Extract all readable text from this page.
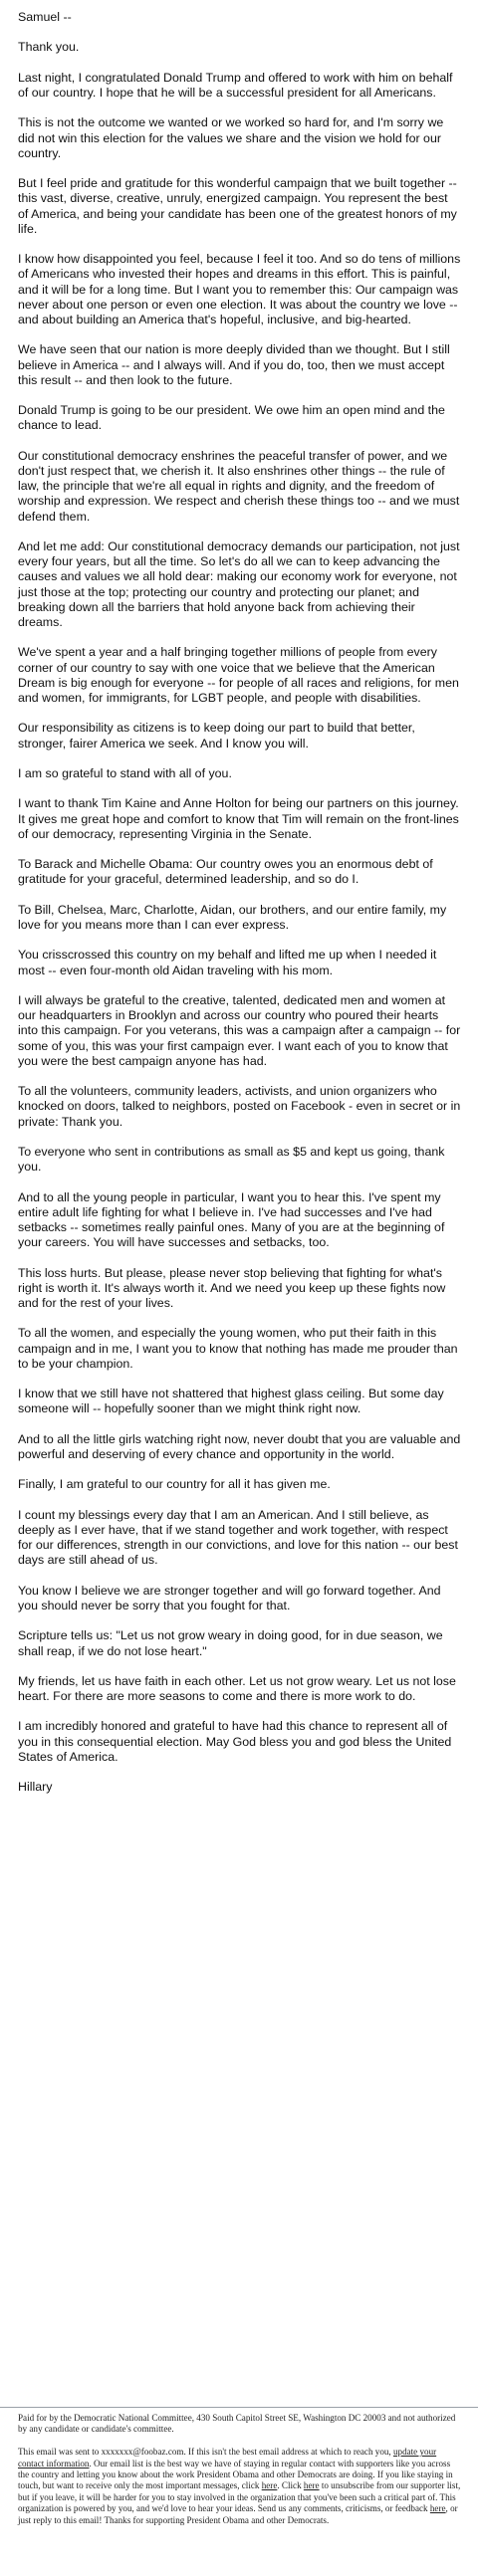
Samuel --

Thank you.

Last night, I congratulated Donald Trump and offered to work with him on behalf of our country. I hope that he will be a successful president for all Americans.

This is not the outcome we wanted or we worked so hard for, and I'm sorry we did not win this election for the values we share and the vision we hold for our country.

But I feel pride and gratitude for this wonderful campaign that we built together -- this vast, diverse, creative, unruly, energized campaign. You represent the best of America, and being your candidate has been one of the greatest honors of my life.

I know how disappointed you feel, because I feel it too. And so do tens of millions of Americans who invested their hopes and dreams in this effort. This is painful, and it will be for a long time. But I want you to remember this: Our campaign was never about one person or even one election. It was about the country we love -- and about building an America that's hopeful, inclusive, and big-hearted.

We have seen that our nation is more deeply divided than we thought. But I still believe in America -- and I always will. And if you do, too, then we must accept this result -- and then look to the future.

Donald Trump is going to be our president. We owe him an open mind and the chance to lead.

Our constitutional democracy enshrines the peaceful transfer of power, and we don't just respect that, we cherish it. It also enshrines other things -- the rule of law, the principle that we're all equal in rights and dignity, and the freedom of worship and expression. We respect and cherish these things too -- and we must defend them.

And let me add: Our constitutional democracy demands our participation, not just every four years, but all the time. So let's do all we can to keep advancing the causes and values we all hold dear: making our economy work for everyone, not just those at the top; protecting our country and protecting our planet; and breaking down all the barriers that hold anyone back from achieving their dreams.

We've spent a year and a half bringing together millions of people from every corner of our country to say with one voice that we believe that the American Dream is big enough for everyone -- for people of all races and religions, for men and women, for immigrants, for LGBT people, and people with disabilities.

Our responsibility as citizens is to keep doing our part to build that better, stronger, fairer America we seek. And I know you will.

I am so grateful to stand with all of you.

I want to thank Tim Kaine and Anne Holton for being our partners on this journey. It gives me great hope and comfort to know that Tim will remain on the front-lines of our democracy, representing Virginia in the Senate.

To Barack and Michelle Obama: Our country owes you an enormous debt of gratitude for your graceful, determined leadership, and so do I.

To Bill, Chelsea, Marc, Charlotte, Aidan, our brothers, and our entire family, my love for you means more than I can ever express.

You crisscrossed this country on my behalf and lifted me up when I needed it most -- even four-month old Aidan traveling with his mom.

I will always be grateful to the creative, talented, dedicated men and women at our headquarters in Brooklyn and across our country who poured their hearts into this campaign. For you veterans, this was a campaign after a campaign -- for some of you, this was your first campaign ever. I want each of you to know that you were the best campaign anyone has had.

To all the volunteers, community leaders, activists, and union organizers who knocked on doors, talked to neighbors, posted on Facebook - even in secret or in private: Thank you.

To everyone who sent in contributions as small as $5 and kept us going, thank you.

And to all the young people in particular, I want you to hear this. I've spent my entire adult life fighting for what I believe in. I've had successes and I've had setbacks -- sometimes really painful ones. Many of you are at the beginning of your careers. You will have successes and setbacks, too.

This loss hurts. But please, please never stop believing that fighting for what's right is worth it. It's always worth it. And we need you keep up these fights now and for the rest of your lives.

To all the women, and especially the young women, who put their faith in this campaign and in me, I want you to know that nothing has made me prouder than to be your champion.

I know that we still have not shattered that highest glass ceiling. But some day someone will -- hopefully sooner than we might think right now.

And to all the little girls watching right now, never doubt that you are valuable and powerful and deserving of every chance and opportunity in the world.

Finally, I am grateful to our country for all it has given me.

I count my blessings every day that I am an American. And I still believe, as deeply as I ever have, that if we stand together and work together, with respect for our differences, strength in our convictions, and love for this nation -- our best days are still ahead of us.

You know I believe we are stronger together and will go forward together. And you should never be sorry that you fought for that.

Scripture tells us: "Let us not grow weary in doing good, for in due season, we shall reap, if we do not lose heart."

My friends, let us have faith in each other. Let us not grow weary. Let us not lose heart. For there are more seasons to come and there is more work to do.

I am incredibly honored and grateful to have had this chance to represent all of you in this consequential election. May God bless you and god bless the United States of America.

Hillary

Paid for by the Democratic National Committee, 430 South Capitol Street SE, Washington DC 20003 and not authorized by any candidate or candidate's committee.

This email was sent to xxxxxxx@foobaz.com. If this isn't the best email address at which to reach you, update your contact information. Our email list is the best way we have of staying in regular contact with supporters like you across the country and letting you know about the work President Obama and other Democrats are doing. If you like staying in touch, but want to receive only the most important messages, click here. Click here to unsubscribe from our supporter list, but if you leave, it will be harder for you to stay involved in the organization that you've been such a critical part of. This organization is powered by you, and we'd love to hear your ideas. Send us any comments, criticisms, or feedback here, or just reply to this email! Thanks for supporting President Obama and other Democrats.
